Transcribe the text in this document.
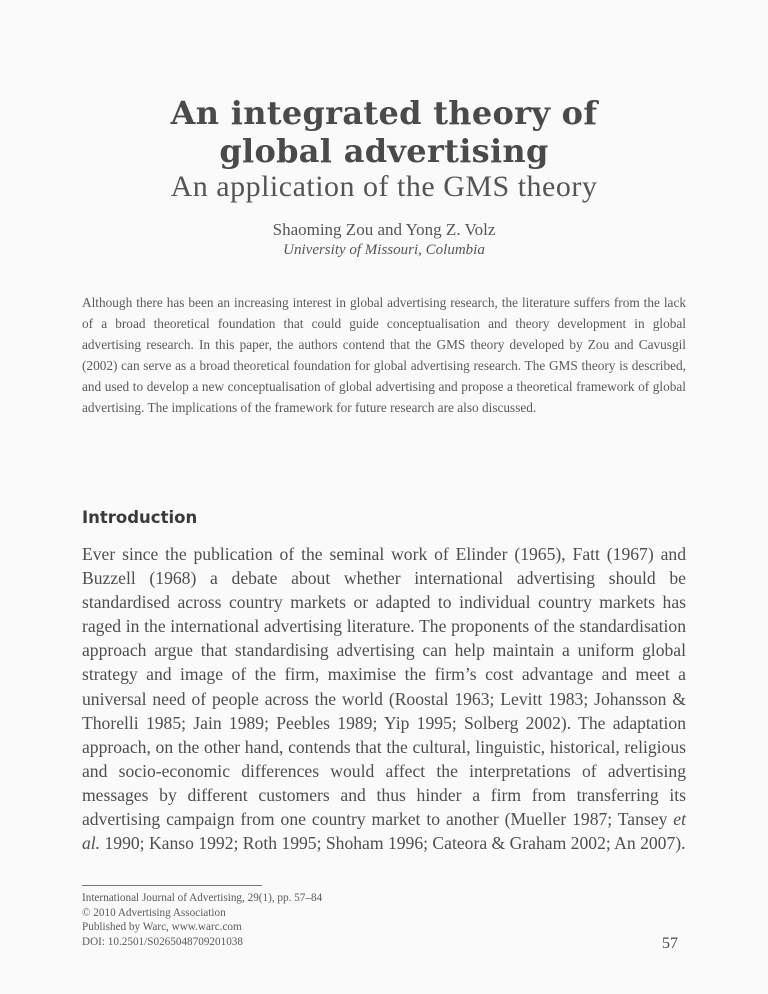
An integrated theory of
global advertising
An application of the GMS theory
Shaoming Zou and Yong Z. Volz
University of Missouri, Columbia

Although there has been an increasing interest in global advertising research, the literature suffers from the lack of a broad theoretical foundation that could guide conceptualisation and theory development in global advertising research. In this paper, the authors contend that the GMS theory developed by Zou and Cavusgil (2002) can serve as a broad theoretical foundation for global advertising research. The GMS theory is described, and used to develop a new conceptualisation of global advertising and propose a theoretical framework of global advertising. The implications of the framework for future research are also discussed.

Introduction

Ever since the publication of the seminal work of Elinder (1965), Fatt (1967) and Buzzell (1968) a debate about whether international advertising should be standardised across country markets or adapted to individual country markets has raged in the international advertising literature. The proponents of the standardisation approach argue that standardising advertising can help maintain a uniform global strategy and image of the firm, maximise the firm’s cost advantage and meet a universal need of people across the world (Roostal 1963; Levitt 1983; Johansson & Thorelli 1985; Jain 1989; Peebles 1989; Yip 1995; Solberg 2002). The adaptation approach, on the other hand, contends that the cultural, linguistic, historical, religious and socio-economic differences would affect the interpretations of advertising messages by different customers and thus hinder a firm from transferring its advertising campaign from one country market to another (Mueller 1987; Tansey et al. 1990; Kanso 1992; Roth 1995; Shoham 1996; Cateora & Graham 2002; An 2007).

International Journal of Advertising, 29(1), pp. 57–84
© 2010 Advertising Association
Published by Warc, www.warc.com
DOI: 10.2501/S0265048709201038	57
